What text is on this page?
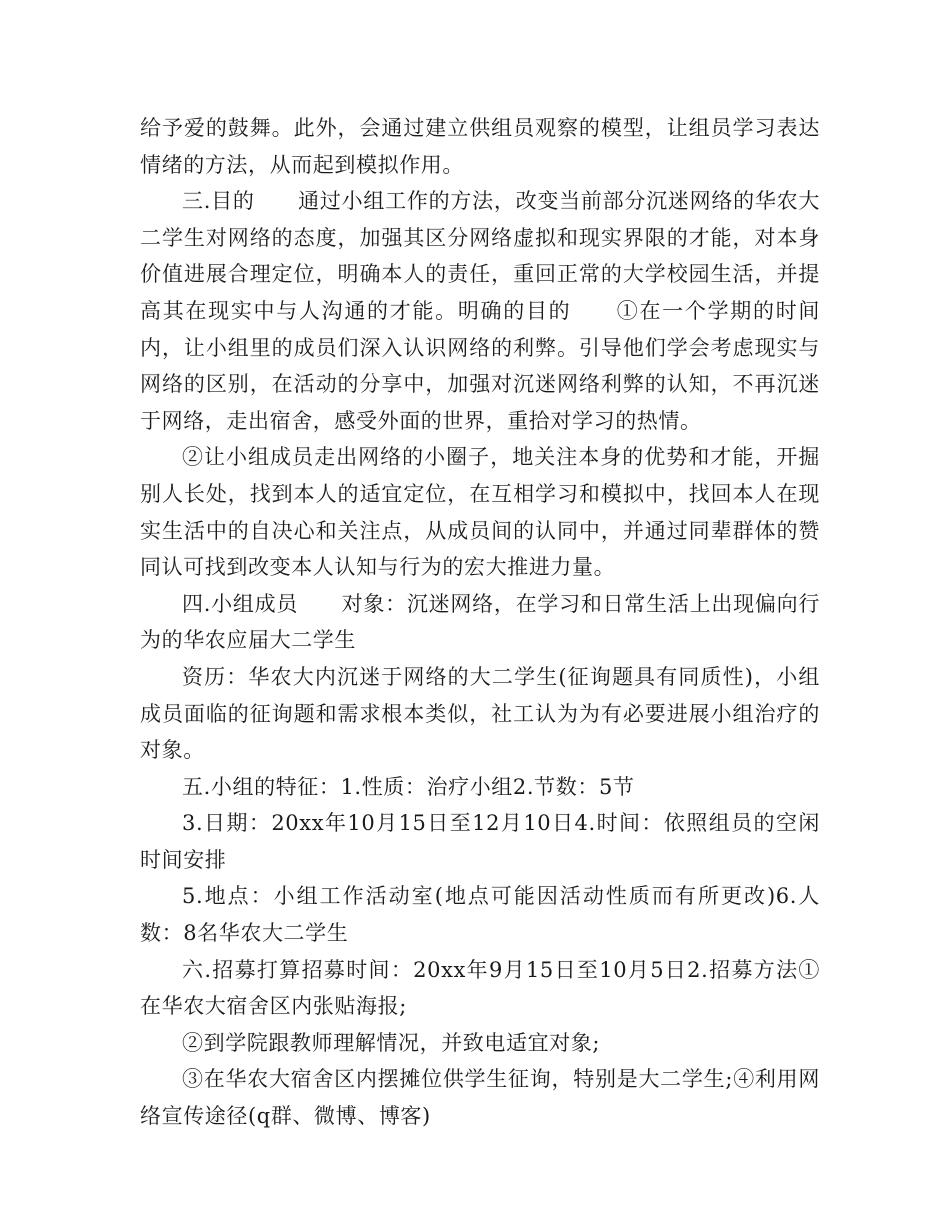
给予爱的鼓舞。此外，会通过建立供组员观察的模型，让组员学习表达情绪的方法，从而起到模拟作用。

三.目的　　通过小组工作的方法，改变当前部分沉迷网络的华农大二学生对网络的态度，加强其区分网络虚拟和现实界限的才能，对本身价值进展合理定位，明确本人的责任，重回正常的大学校园生活，并提高其在现实中与人沟通的才能。明确的目的　　①在一个学期的时间内，让小组里的成员们深入认识网络的利弊。引导他们学会考虑现实与网络的区别，在活动的分享中，加强对沉迷网络利弊的认知，不再沉迷于网络，走出宿舍，感受外面的世界，重拾对学习的热情。

②让小组成员走出网络的小圈子，地关注本身的优势和才能，开掘别人长处，找到本人的适宜定位，在互相学习和模拟中，找回本人在现实生活中的自决心和关注点，从成员间的认同中，并通过同辈群体的赞同认可找到改变本人认知与行为的宏大推进力量。

四.小组成员　　对象：沉迷网络，在学习和日常生活上出现偏向行为的华农应届大二学生

资历：华农大内沉迷于网络的大二学生(征询题具有同质性)，小组成员面临的征询题和需求根本类似，社工认为为有必要进展小组治疗的对象。

五.小组的特征：1.性质：治疗小组2.节数：5节

3.日期：20xx年10月15日至12月10日4.时间：依照组员的空闲时间安排

5.地点：小组工作活动室(地点可能因活动性质而有所更改)6.人数：8名华农大二学生

六.招募打算招募时间：20xx年9月15日至10月5日2.招募方法①在华农大宿舍区内张贴海报;

②到学院跟教师理解情况，并致电适宜对象;

③在华农大宿舍区内摆摊位供学生征询，特别是大二学生;④利用网络宣传途径(q群、微博、博客)
